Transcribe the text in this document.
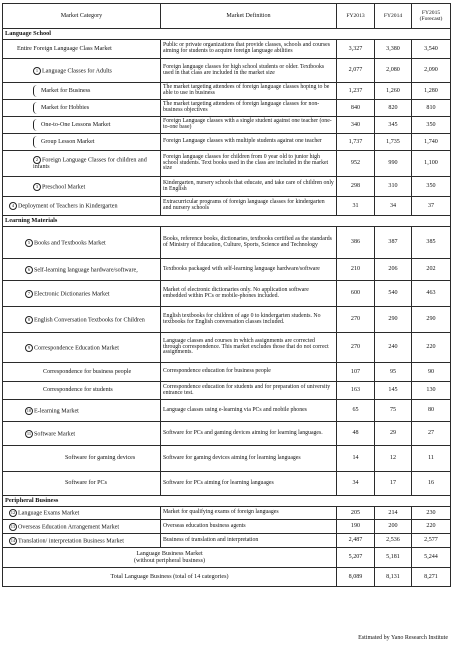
Market Category	Market Definition	FY2013	FY2014	FY2015
(Forecast)
Language School				
Entire Foreign Language Class Market	Public or private organizations that provide classes, schools and courses aiming for students to acquire foreign language abilities	3,327	3,380	3,540
1 Language Classes for Adults	Foreign language classes for high school students or older. Textbooks used in that class are included in the market size	2,077	2,080	2,090

Market for Business	The market targeting attendees of foreign language classes hoping to be able to use in business	1,237	1,260	1,280

Market for Hobbies	The market targeting attendees of foreign language classes for non-business objectives	840	820	810

One-to-One Lessons Market	Foreign Language classes with a single student against one teacher (one-to-one base)	340	345	350

Group Lesson Market	Foreign Language classes with multiple students against one teacher	1,737	1,735	1,740
2 Foreign Language Classes for children and infants	Foreign language classes for children from 0 year old to junior high school students. Text books used in the class are included in the market size	952	990	1,100
3 Preschool Market	Kindergarten, nursery schools that educate, and take care of children only in English	298	310	350
4 Deployment of Teachers in Kindergarten	Extracurricular programs of foreign language classes for kindergarten and nursery schools	31	34	37
Learning Materials				
5 Books and Textbooks Market	Books, reference books, dictionaries, textbooks certified as the standards of Ministry of Education, Culture, Sports, Science and Technology	386	387	385
6 Self-learning language hardware/software,	Textbooks packaged with self-learning language hardware/software	210	206	202
7 Electronic Dictionaries Market	Market of electronic dictionaries only. No application software embedded within PCs or mobile-phones included.	600	540	463
8 English Conversation Textbooks for Children	English textbooks for children of age 0 to kindergarten students. No textbooks for English conversation classes included.	270	290	290
9 Correspondence Education Market	Language classes and courses in which assignments are corrected through correspondence. This market excludes those that do not correct assignments.	270	240	220
Correspondence for business people	Correspondence education for business people	107	95	90
Correspondence for students	Correspondence education for students and for preparation of university entrance test.	163	145	130
10 E-learning Market	Language classes using e-learning via PCs and mobile phones	65	75	80
11 Software Market	Software for PCs and gaming devices aiming for learning languages.	48	29	27
Software for gaming devices	Software for gaming devices aiming for learning languages	14	12	11
Software for PCs	Software for PCs aiming for learning languages	34	17	16
Peripheral Business				
12 Language Exams Market	Market for qualifying exams of foreign languages	205	214	230
13 Overseas Education Arrangement Market	Overseas education business agents	190	200	220
14 Translation/ interpretation Business Market	Business of translation and interpretation	2,487	2,536	2,577
Language Business Market
(without peripheral business)		5,207	5,181	5,244
Total Language Business (total of 14 categories)		8,089	8,131	8,271
Estimated by Yano Research Institute
